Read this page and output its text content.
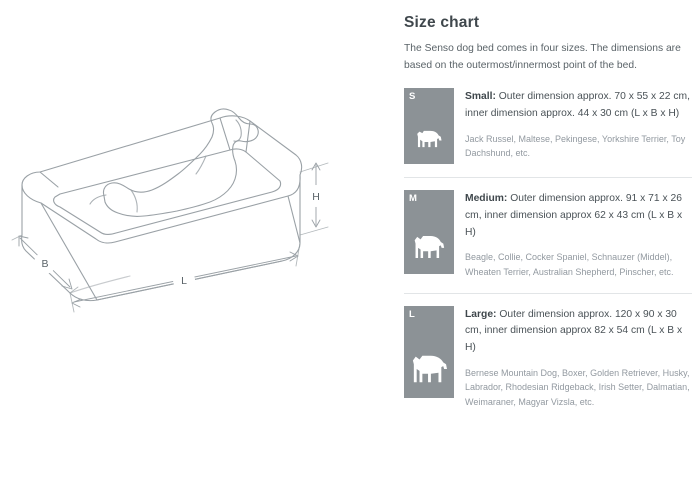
H
L
B
Size chart

The Senso dog bed comes in four sizes. The dimensions are based on the outermost/innermost point of the bed.

S	Small: Outer dimension approx. 70 x 55 x 22 cm, inner dimension approx. 44 x 30 cm (L x B x H)

Jack Russel, Maltese, Pekingese, Yorkshire Terrier, Toy Dachshund, etc.

M	Medium: Outer dimension approx. 91 x 71 x 26 cm, inner dimension approx 62 x 43 cm (L x B x H)

Beagle, Collie, Cocker Spaniel, Schnauzer (Middel), Wheaten Terrier, Australian Shepherd, Pinscher, etc.

L	Large: Outer dimension approx. 120 x 90 x 30 cm, inner dimension approx 82 x 54 cm (L x B x H)

Bernese Mountain Dog, Boxer, Golden Retriever, Husky, Labrador, Rhodesian Ridgeback, Irish Setter, Dalmatian, Weimaraner, Magyar Vizsla, etc.
